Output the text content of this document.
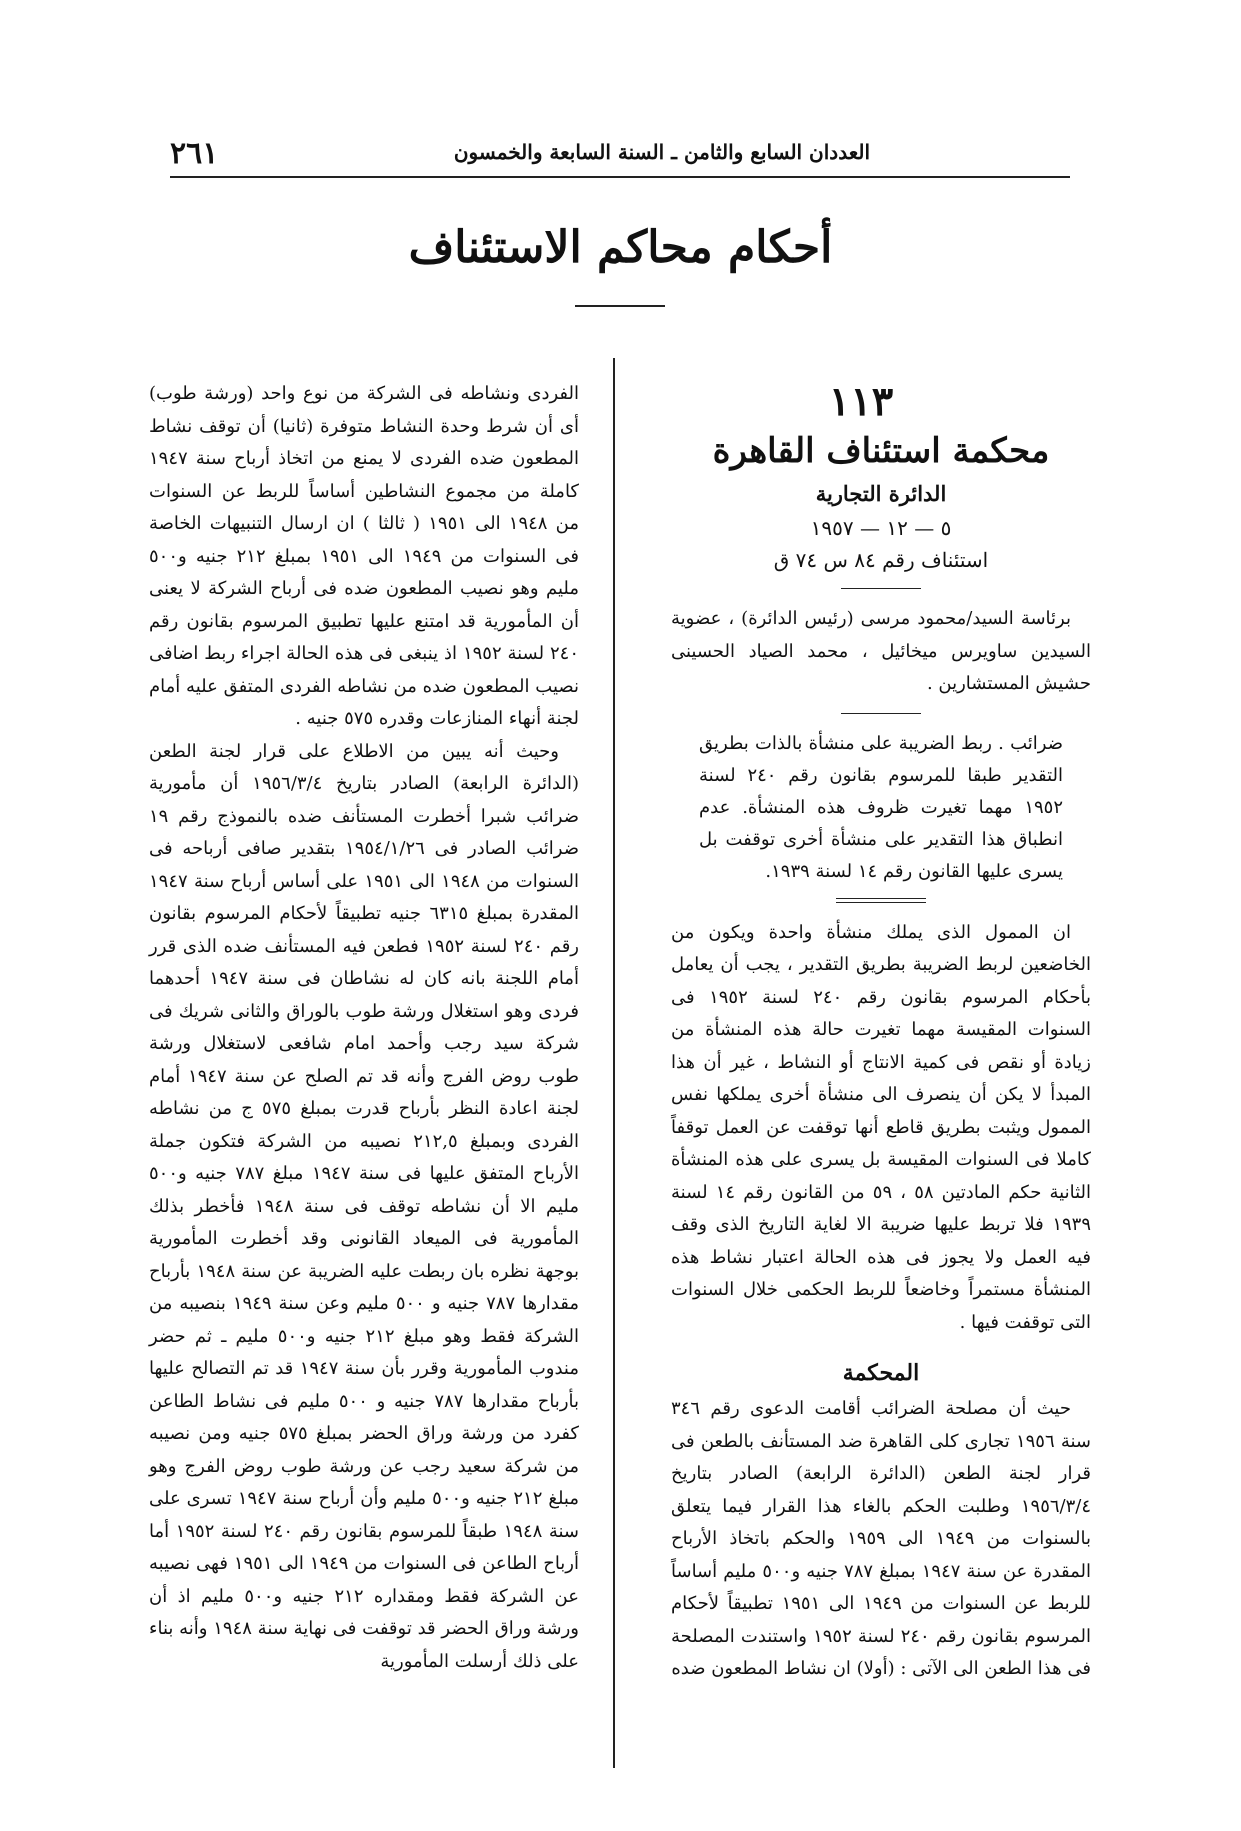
العددان السابع والثامن ـ السنة السابعة والخمسون
٢٦١
أحكام محاكم الاستئناف
١١٣
محكمة استئناف القاهرة
الدائرة التجارية
٥ — ١٢ — ١٩٥٧
استئناف رقم ٨٤ س ٧٤ ق

برئاسة السيد/محمود مرسى (رئيس الدائرة) ، عضوية السيدين ساويرس ميخائيل ، محمد الصياد الحسينى حشيش المستشارين .

ضرائب . ربط الضريبة على منشأة بالذات بطريق التقدير طبقا للمرسوم بقانون رقم ٢٤٠ لسنة ١٩٥٢ مهما تغيرت ظروف هذه المنشأة. عدم انطباق هذا التقدير على منشأة أخرى توقفت بل يسرى عليها القانون رقم ١٤ لسنة ١٩٣٩.

ان الممول الذى يملك منشأة واحدة ويكون من الخاضعين لربط الضريبة بطريق التقدير ، يجب أن يعامل بأحكام المرسوم بقانون رقم ٢٤٠ لسنة ١٩٥٢ فى السنوات المقيسة مهما تغيرت حالة هذه المنشأة من زيادة أو نقص فى كمية الانتاج أو النشاط ، غير أن هذا المبدأ لا يكن أن ينصرف الى منشأة أخرى يملكها نفس الممول ويثبت بطريق قاطع أنها توقفت عن العمل توقفاً كاملا فى السنوات المقيسة بل يسرى على هذه المنشأة الثانية حكم المادتين ٥٨ ، ٥٩ من القانون رقم ١٤ لسنة ١٩٣٩ فلا تربط عليها ضريبة الا لغاية التاريخ الذى وقف فيه العمل ولا يجوز فى هذه الحالة اعتبار نشاط هذه المنشأة مستمراً وخاضعاً للربط الحكمى خلال السنوات التى توقفت فيها .

المحكمة

حيث أن مصلحة الضرائب أقامت الدعوى رقم ٣٤٦ سنة ١٩٥٦ تجارى كلى القاهرة ضد المستأنف بالطعن فى قرار لجنة الطعن (الدائرة الرابعة) الصادر بتاريخ ١٩٥٦/٣/٤ وطلبت الحكم بالغاء هذا القرار فيما يتعلق بالسنوات من ١٩٤٩ الى ١٩٥٩ والحكم باتخاذ الأرباح المقدرة عن سنة ١٩٤٧ بمبلغ ٧٨٧ جنيه و٥٠٠ مليم أساساً للربط عن السنوات من ١٩٤٩ الى ١٩٥١ تطبيقاً لأحكام المرسوم بقانون رقم ٢٤٠ لسنة ١٩٥٢ واستندت المصلحة فى هذا الطعن الى الآتى : (أولا) ان نشاط المطعون ضده

الفردى ونشاطه فى الشركة من نوع واحد (ورشة طوب) أى أن شرط وحدة النشاط متوفرة (ثانيا) أن توقف نشاط المطعون ضده الفردى لا يمنع من اتخاذ أرباح سنة ١٩٤٧ كاملة من مجموع النشاطين أساساً للربط عن السنوات من ١٩٤٨ الى ١٩٥١ ( ثالثا ) ان ارسال التنبيهات الخاصة فى السنوات من ١٩٤٩ الى ١٩٥١ بمبلغ ٢١٢ جنيه و٥٠٠ مليم وهو نصيب المطعون ضده فى أرباح الشركة لا يعنى أن المأمورية قد امتنع عليها تطبيق المرسوم بقانون رقم ٢٤٠ لسنة ١٩٥٢ اذ ينبغى فى هذه الحالة اجراء ربط اضافى نصيب المطعون ضده من نشاطه الفردى المتفق عليه أمام لجنة أنهاء المنازعات وقدره ٥٧٥ جنيه .

وحيث أنه يبين من الاطلاع على قرار لجنة الطعن (الدائرة الرابعة) الصادر بتاريخ ١٩٥٦/٣/٤ أن مأمورية ضرائب شبرا أخطرت المستأنف ضده بالنموذج رقم ١٩ ضرائب الصادر فى ١٩٥٤/١/٢٦ بتقدير صافى أرباحه فى السنوات من ١٩٤٨ الى ١٩٥١ على أساس أرباح سنة ١٩٤٧ المقدرة بمبلغ ٦٣١٥ جنيه تطبيقاً لأحكام المرسوم بقانون رقم ٢٤٠ لسنة ١٩٥٢ فطعن فيه المستأنف ضده الذى قرر أمام اللجنة بانه كان له نشاطان فى سنة ١٩٤٧ أحدهما فردى وهو استغلال ورشة طوب بالوراق والثانى شريك فى شركة سيد رجب وأحمد امام شافعى لاستغلال ورشة طوب روض الفرج وأنه قد تم الصلح عن سنة ١٩٤٧ أمام لجنة اعادة النظر بأرباح قدرت بمبلغ ٥٧٥ ج من نشاطه الفردى وبمبلغ ٢١٢,٥ نصيبه من الشركة فتكون جملة الأرباح المتفق عليها فى سنة ١٩٤٧ مبلغ ٧٨٧ جنيه و٥٠٠ مليم الا أن نشاطه توقف فى سنة ١٩٤٨ فأخطر بذلك المأمورية فى الميعاد القانونى وقد أخطرت المأمورية بوجهة نظره بان ربطت عليه الضريبة عن سنة ١٩٤٨ بأرباح مقدارها ٧٨٧ جنيه و ٥٠٠ مليم وعن سنة ١٩٤٩ بنصيبه من الشركة فقط وهو مبلغ ٢١٢ جنيه و٥٠٠ مليم ـ ثم حضر مندوب المأمورية وقرر بأن سنة ١٩٤٧ قد تم التصالح عليها بأرباح مقدارها ٧٨٧ جنيه و ٥٠٠ مليم فى نشاط الطاعن كفرد من ورشة وراق الحضر بمبلغ ٥٧٥ جنيه ومن نصيبه من شركة سعيد رجب عن ورشة طوب روض الفرج وهو مبلغ ٢١٢ جنيه و٥٠٠ مليم وأن أرباح سنة ١٩٤٧ تسرى على سنة ١٩٤٨ طبقاً للمرسوم بقانون رقم ٢٤٠ لسنة ١٩٥٢ أما أرباح الطاعن فى السنوات من ١٩٤٩ الى ١٩٥١ فهى نصيبه عن الشركة فقط ومقداره ٢١٢ جنيه و٥٠٠ مليم اذ أن ورشة وراق الحضر قد توقفت فى نهاية سنة ١٩٤٨ وأنه بناء على ذلك أرسلت المأمورية
